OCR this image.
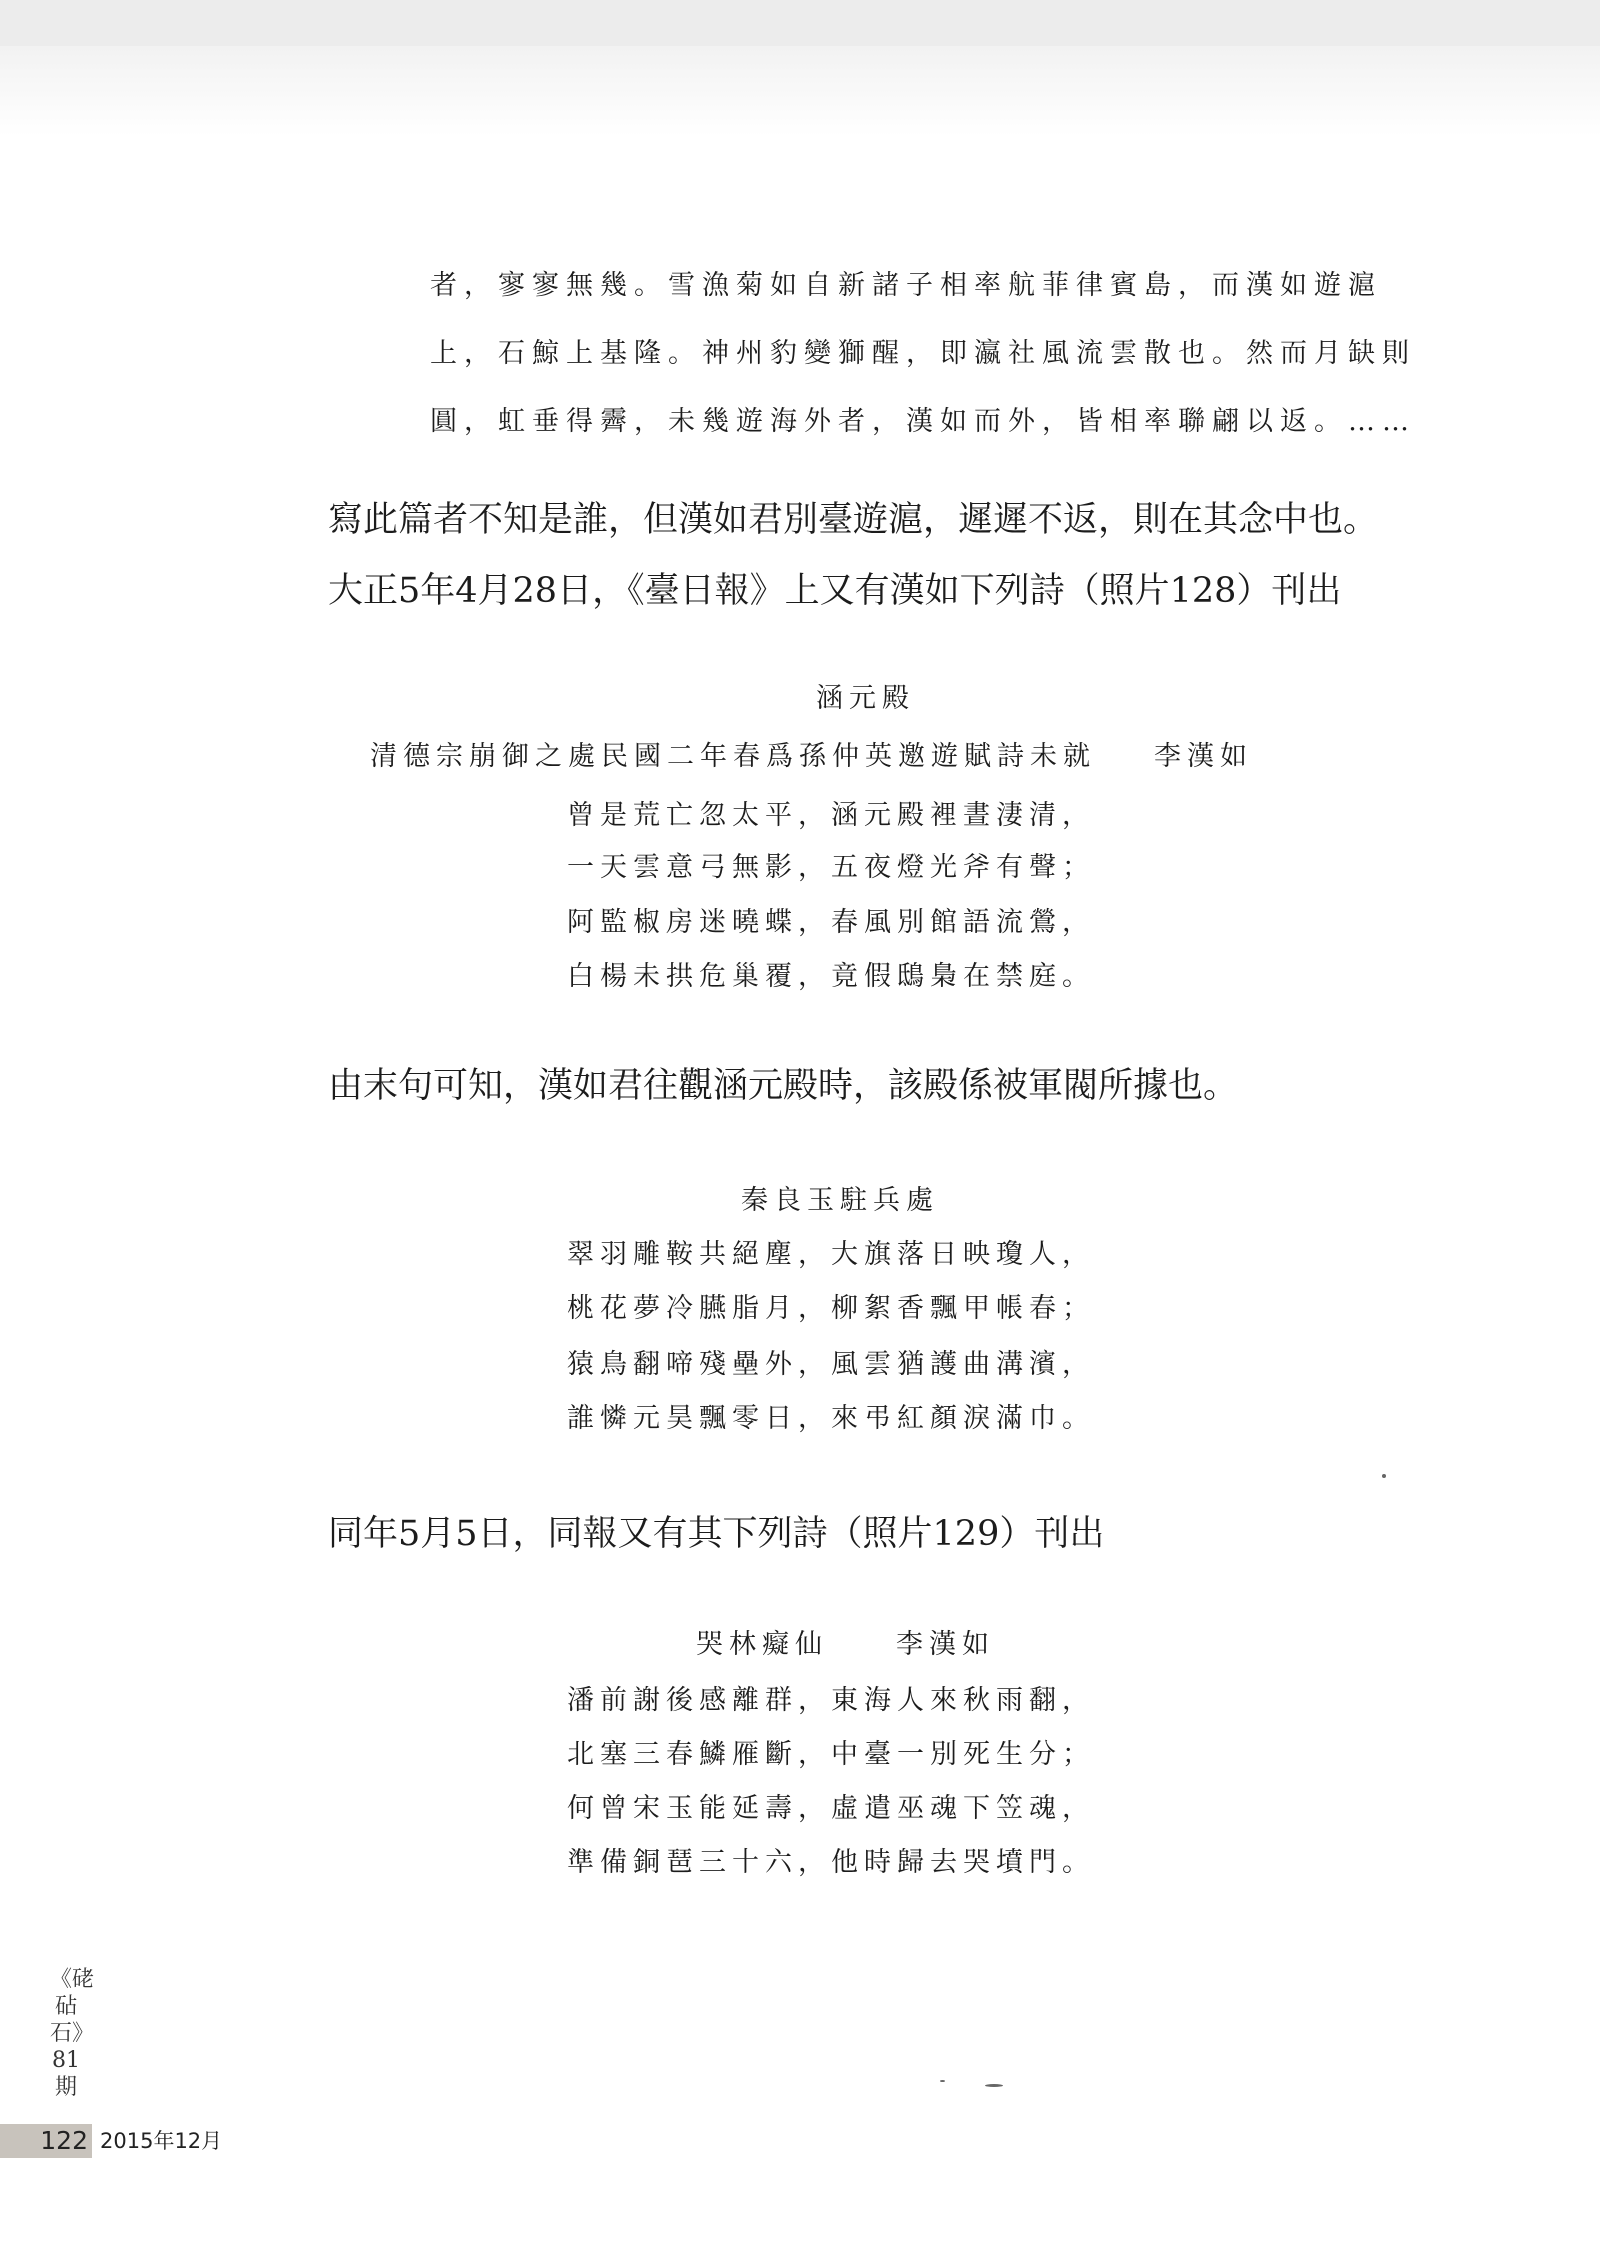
者，寥寥無幾。雪漁菊如自新諸子相率航菲律賓島，而漢如遊滬
上，石鯨上基隆。神州豹變獅醒，即瀛社風流雲散也。然而月缺則
圓，虹垂得霽，未幾遊海外者，漢如而外，皆相率聯翩以返。……
寫此篇者不知是誰，但漢如君別臺遊滬，遲遲不返，則在其念中也。
大正5年4月28日，《臺日報》上又有漢如下列詩（照片128）刊出
涵元殿
清德宗崩御之處民國二年春爲孫仲英邀遊賦詩未就 李漢如
曾是荒亡忽太平，涵元殿裡晝淒清，
一天雲意弓無影，五夜燈光斧有聲；
阿監椒房迷曉蝶，春風別館語流鶯，
白楊未拱危巢覆，竟假鴟梟在禁庭。
由末句可知，漢如君往觀涵元殿時，該殿係被軍閥所據也。
秦良玉駐兵處
翠羽雕鞍共絕塵，大旗落日映瓊人，
桃花夢冷臙脂月，柳絮香飄甲帳春；
猿鳥翻啼殘壘外，風雲猶護曲溝濱，
誰憐元昊飄零日，來弔紅顏淚滿巾。
同年5月5日，同報又有其下列詩（照片129）刊出
哭林癡仙	李漢如
潘前謝後感離群，東海人來秋雨翻，
北塞三春鱗雁斷，中臺一別死生分；
何曾宋玉能延壽，虛遣巫魂下笠魂，
準備銅琶三十六，他時歸去哭墳門。
《硓砧石》81期
122 2015年12月
